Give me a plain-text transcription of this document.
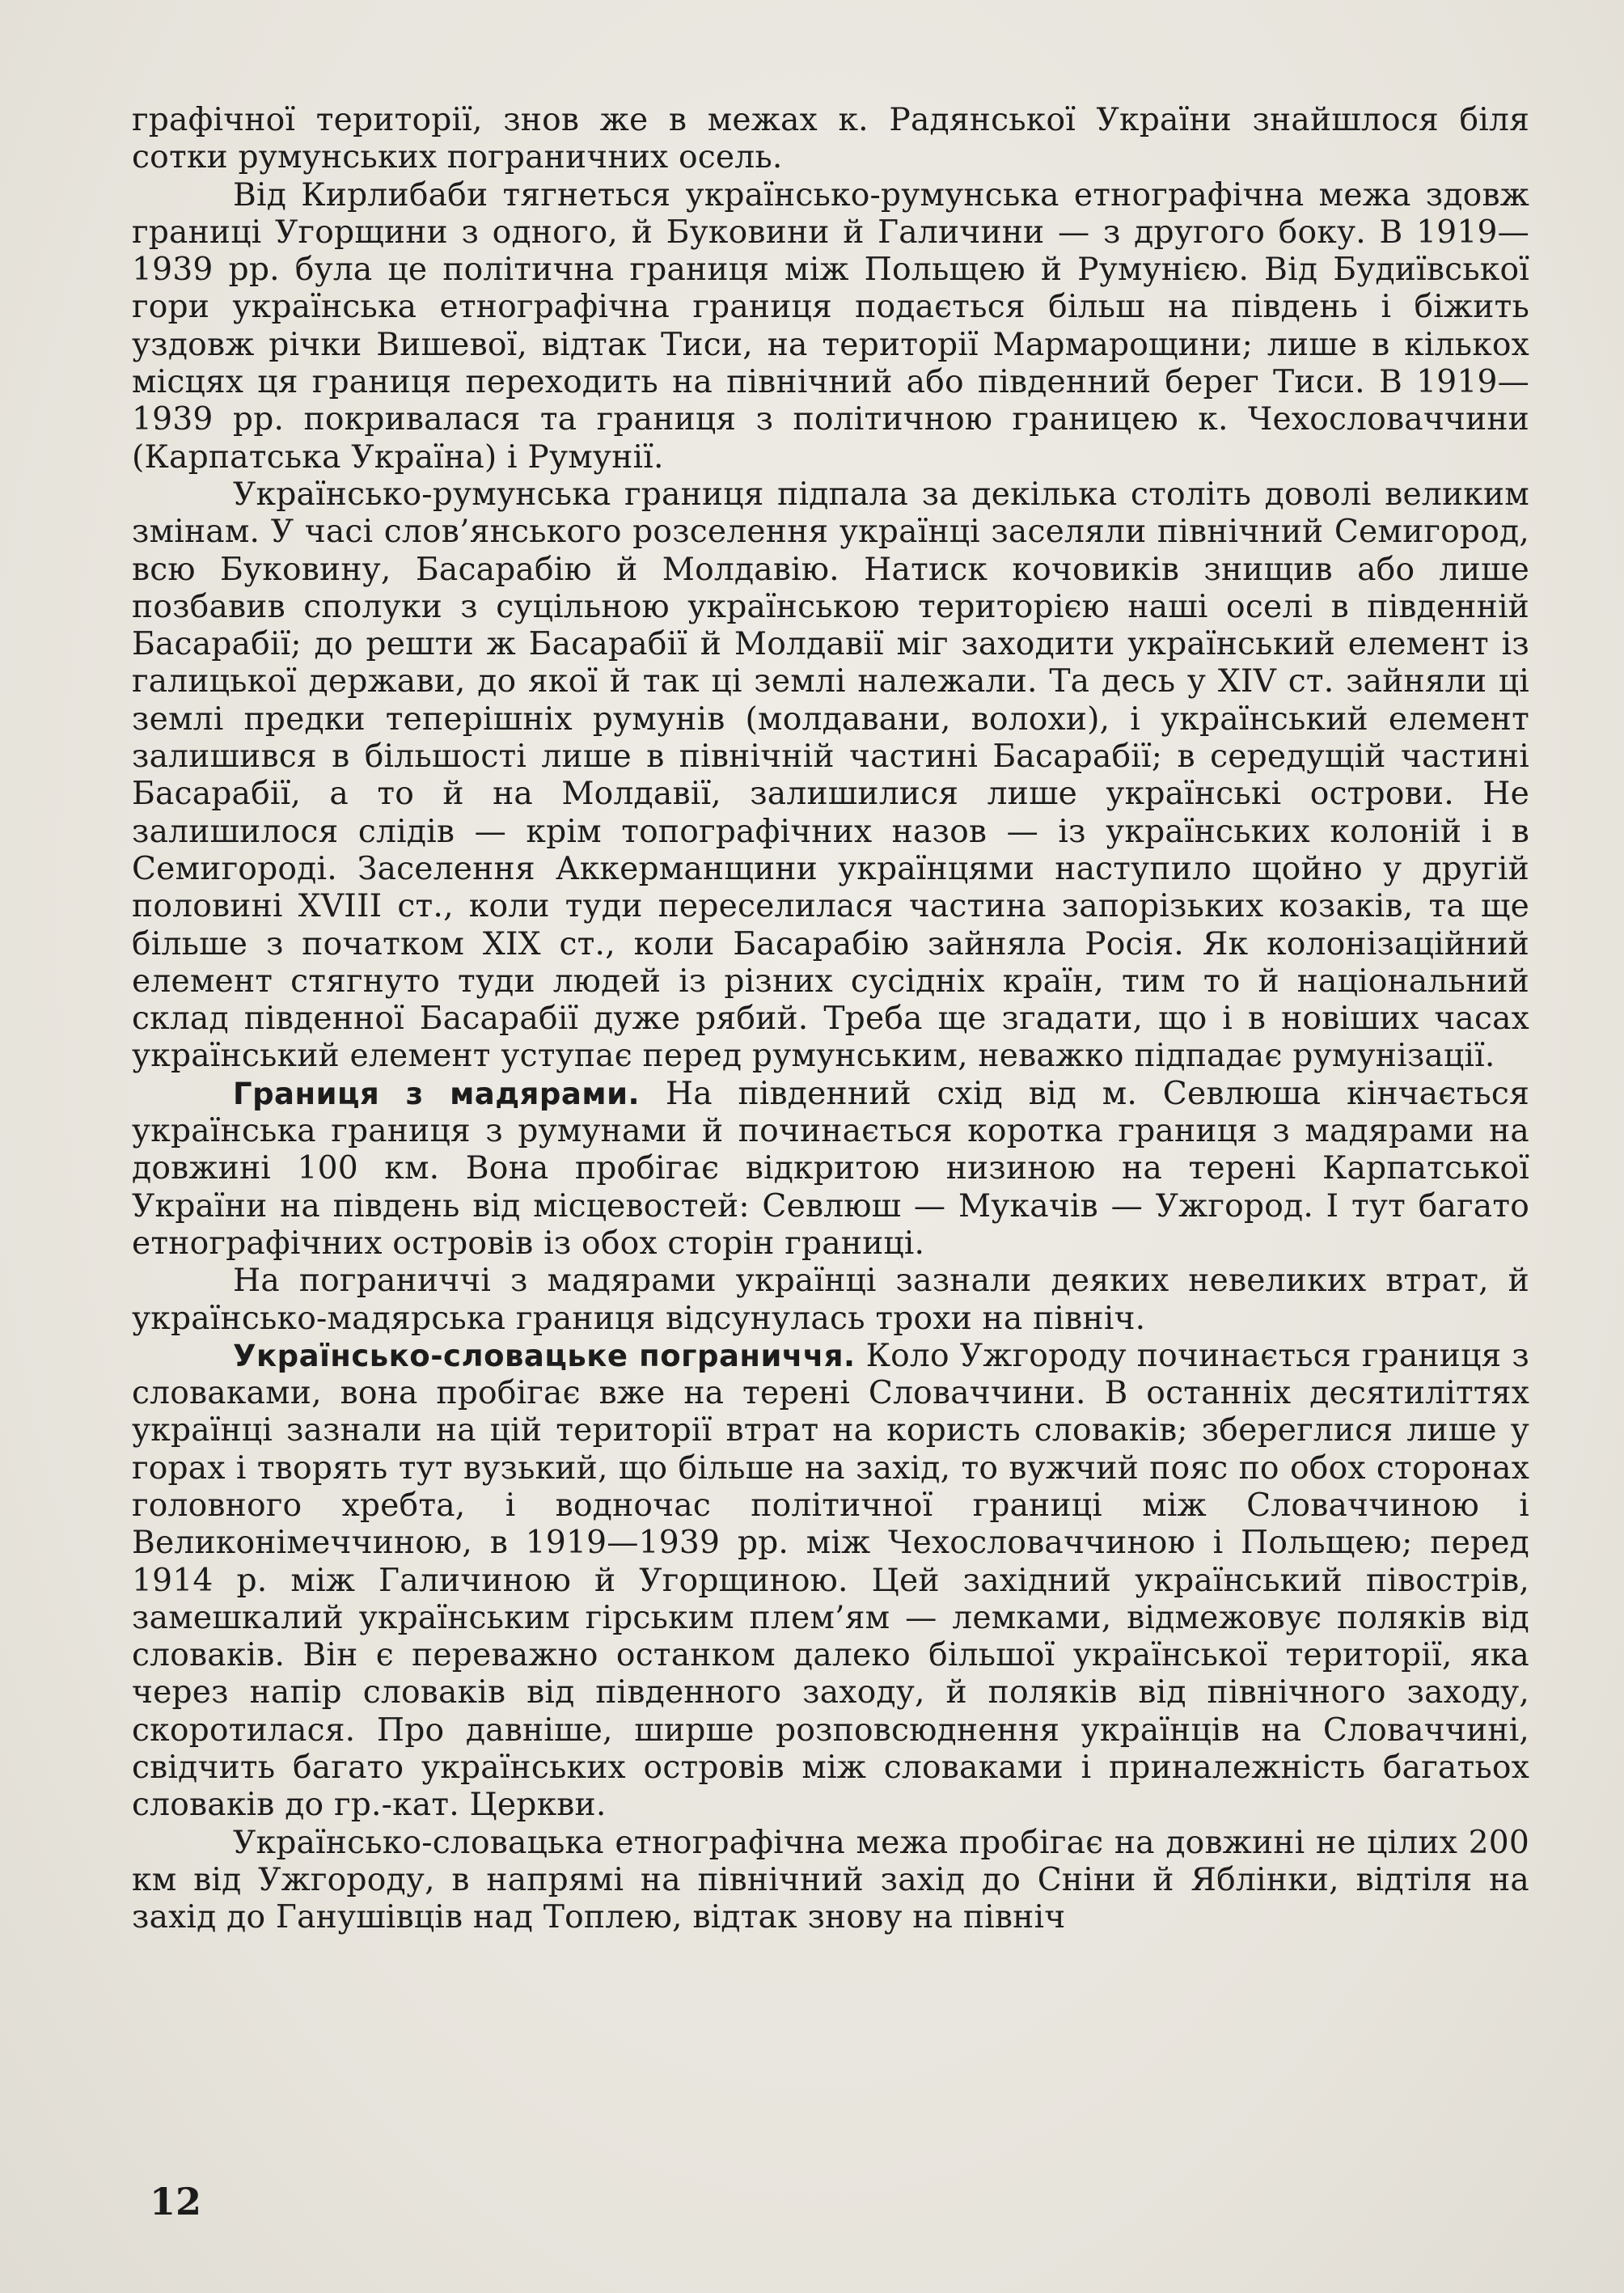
графічної території, знов же в межах к. Радянської України знайшлося біля сотки румунських пограничних осель.

Від Кирлибаби тягнеться українсько-румунська етнографічна межа здовж границі Угорщини з одного, й Буковини й Галичини — з другого боку. В 1919—1939 рр. була це політична границя між Польщею й Румунією. Від Будиївської гори українська етнографічна границя подається більш на південь і біжить уздовж річки Вишевої, відтак Тиси, на території Мармарощини; лише в кількох місцях ця границя переходить на північний або південний берег Тиси. В 1919—1939 рр. покривалася та границя з політичною границею к. Чехословаччини (Карпатська Україна) і Румунії.

Українсько-румунська границя підпала за декілька століть доволі великим змінам. У часі слов’янського розселення українці заселяли північний Семигород, всю Буковину, Басарабію й Молдавію. Натиск кочовиків знищив або лише позбавив сполуки з суцільною українською територією наші оселі в південній Басарабії; до решти ж Басарабії й Молдавії міг заходити український елемент із галицької держави, до якої й так ці землі належали. Та десь у XIV ст. зайняли ці землі предки теперішніх румунів (молдавани, волохи), і український елемент залишився в більшості лише в північній частині Басарабії; в середущій частині Басарабії, а то й на Молдавії, залишилися лише українські острови. Не залишилося слідів — крім топографічних назов — із українських колоній і в Семигороді. Заселення Аккерманщини українцями наступило щойно у другій половині XVIII ст., коли туди переселилася частина запорізьких козаків, та ще більше з початком XIX ст., коли Басарабію зайняла Росія. Як колонізаційний елемент стягнуто туди людей із різних сусідніх країн, тим то й національний склад південної Басарабії дуже рябий. Треба ще згадати, що і в новіших часах український елемент уступає перед румунським, неважко підпадає румунізації.

Границя з мадярами. На південний схід від м. Севлюша кінчається українська границя з румунами й починається коротка границя з мадярами на довжині 100 км. Вона пробігає відкритою низиною на терені Карпатської України на південь від місцевостей: Севлюш — Мукачів — Ужгород. І тут багато етнографічних островів із обох сторін границі.

На пограниччі з мадярами українці зазнали деяких невеликих втрат, й українсько-мадярська границя відсунулась трохи на північ.

Українсько-словацьке пограниччя. Коло Ужгороду починається границя з словаками, вона пробігає вже на терені Словаччини. В останніх десятиліттях українці зазнали на цій території втрат на користь словаків; збереглися лише у горах і творять тут вузький, що більше на захід, то вужчий пояс по обох сторонах головного хребта, і водночас політичної границі між Словаччиною і Великонімеччиною, в 1919—1939 рр. між Чехословаччиною і Польщею; перед 1914 р. між Галичиною й Угорщиною. Цей західний український півострів, замешкалий українським гірським плем’ям — лемками, відмежовує поляків від словаків. Він є переважно останком далеко більшої української території, яка через напір словаків від південного заходу, й поляків від північного заходу, скоротилася. Про давніше, ширше розповсюднення українців на Словаччині, свідчить багато українських островів між словаками і приналежність багатьох словаків до гр.-кат. Церкви.

Українсько-словацька етнографічна межа пробігає на довжині не цілих 200 км від Ужгороду, в напрямі на північний захід до Сніни й Яблінки, відтіля на захід до Ганушівців над Топлею, відтак знову на північ

12
